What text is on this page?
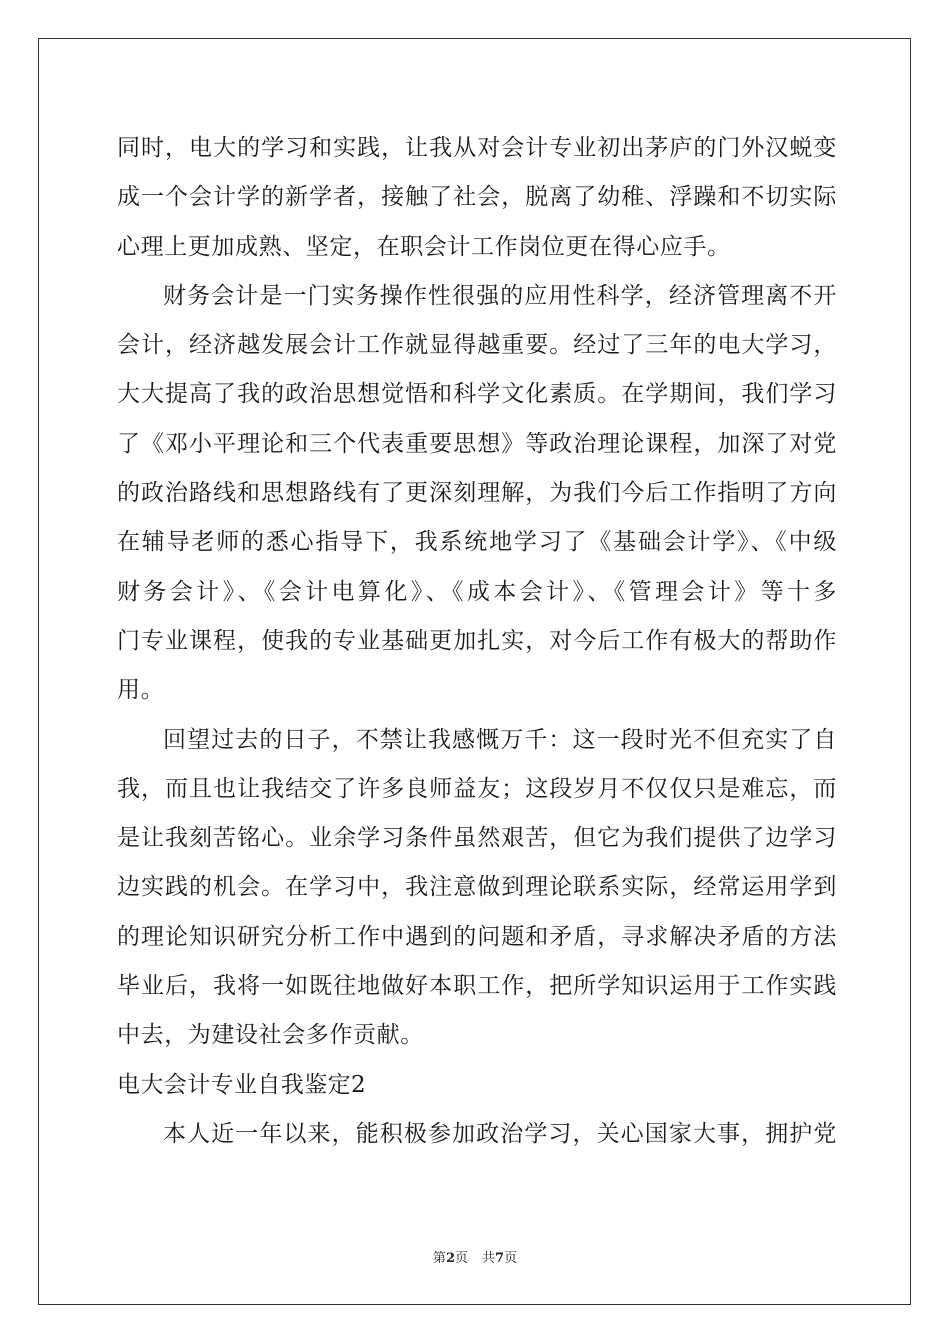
同时，电大的学习和实践，让我从对会计专业初出茅庐的门外汉蜕变
成一个会计学的新学者，接触了社会，脱离了幼稚、浮躁和不切实际
心理上更加成熟、坚定，在职会计工作岗位更在得心应手。
财务会计是一门实务操作性很强的应用性科学，经济管理离不开
会计，经济越发展会计工作就显得越重要。经过了三年的电大学习，
大大提高了我的政治思想觉悟和科学文化素质。在学期间，我们学习
了《邓小平理论和三个代表重要思想》等政治理论课程，加深了对党
的政治路线和思想路线有了更深刻理解，为我们今后工作指明了方向
在辅导老师的悉心指导下，我系统地学习了《基础会计学》、《中级
财务会计》、《会计电算化》、《成本会计》、《管理会计》等十多
门专业课程，使我的专业基础更加扎实，对今后工作有极大的帮助作
用。
回望过去的日子，不禁让我感慨万千：这一段时光不但充实了自
我，而且也让我结交了许多良师益友；这段岁月不仅仅只是难忘，而
是让我刻苦铭心。业余学习条件虽然艰苦，但它为我们提供了边学习
边实践的机会。在学习中，我注意做到理论联系实际，经常运用学到
的理论知识研究分析工作中遇到的问题和矛盾，寻求解决矛盾的方法
毕业后，我将一如既往地做好本职工作，把所学知识运用于工作实践
中去，为建设社会多作贡献。
电大会计专业自我鉴定2
本人近一年以来，能积极参加政治学习，关心国家大事，拥护党
第2页 共7页
